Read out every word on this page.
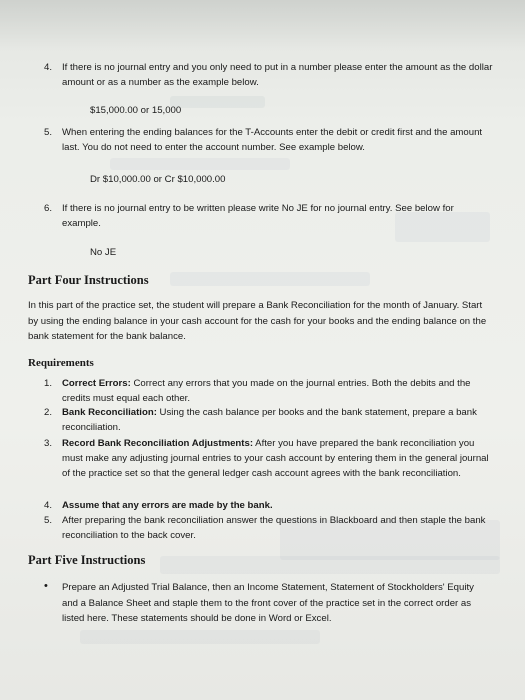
4. If there is no journal entry and you only need to put in a number please enter the amount as the dollar amount or as a number as the example below.
$15,000.00 or 15,000
5. When entering the ending balances for the T-Accounts enter the debit or credit first and the amount last. You do not need to enter the account number. See example below.
Dr $10,000.00 or Cr $10,000.00
6. If there is no journal entry to be written please write No JE for no journal entry. See below for example.
No JE
Part Four Instructions
In this part of the practice set, the student will prepare a Bank Reconciliation for the month of January. Start by using the ending balance in your cash account for the cash for your books and the ending balance on the bank statement for the bank balance.
Requirements
1. Correct Errors: Correct any errors that you made on the journal entries. Both the debits and the credits must equal each other.
2. Bank Reconciliation: Using the cash balance per books and the bank statement, prepare a bank reconciliation.
3. Record Bank Reconciliation Adjustments: After you have prepared the bank reconciliation you must make any adjusting journal entries to your cash account by entering them in the general journal of the practice set so that the general ledger cash account agrees with the bank reconciliation.
4. Assume that any errors are made by the bank.
5. After preparing the bank reconciliation answer the questions in Blackboard and then staple the bank reconciliation to the back cover.
Part Five Instructions
• Prepare an Adjusted Trial Balance, then an Income Statement, Statement of Stockholders' Equity and a Balance Sheet and staple them to the front cover of the practice set in the correct order as listed here. These statements should be done in Word or Excel.
